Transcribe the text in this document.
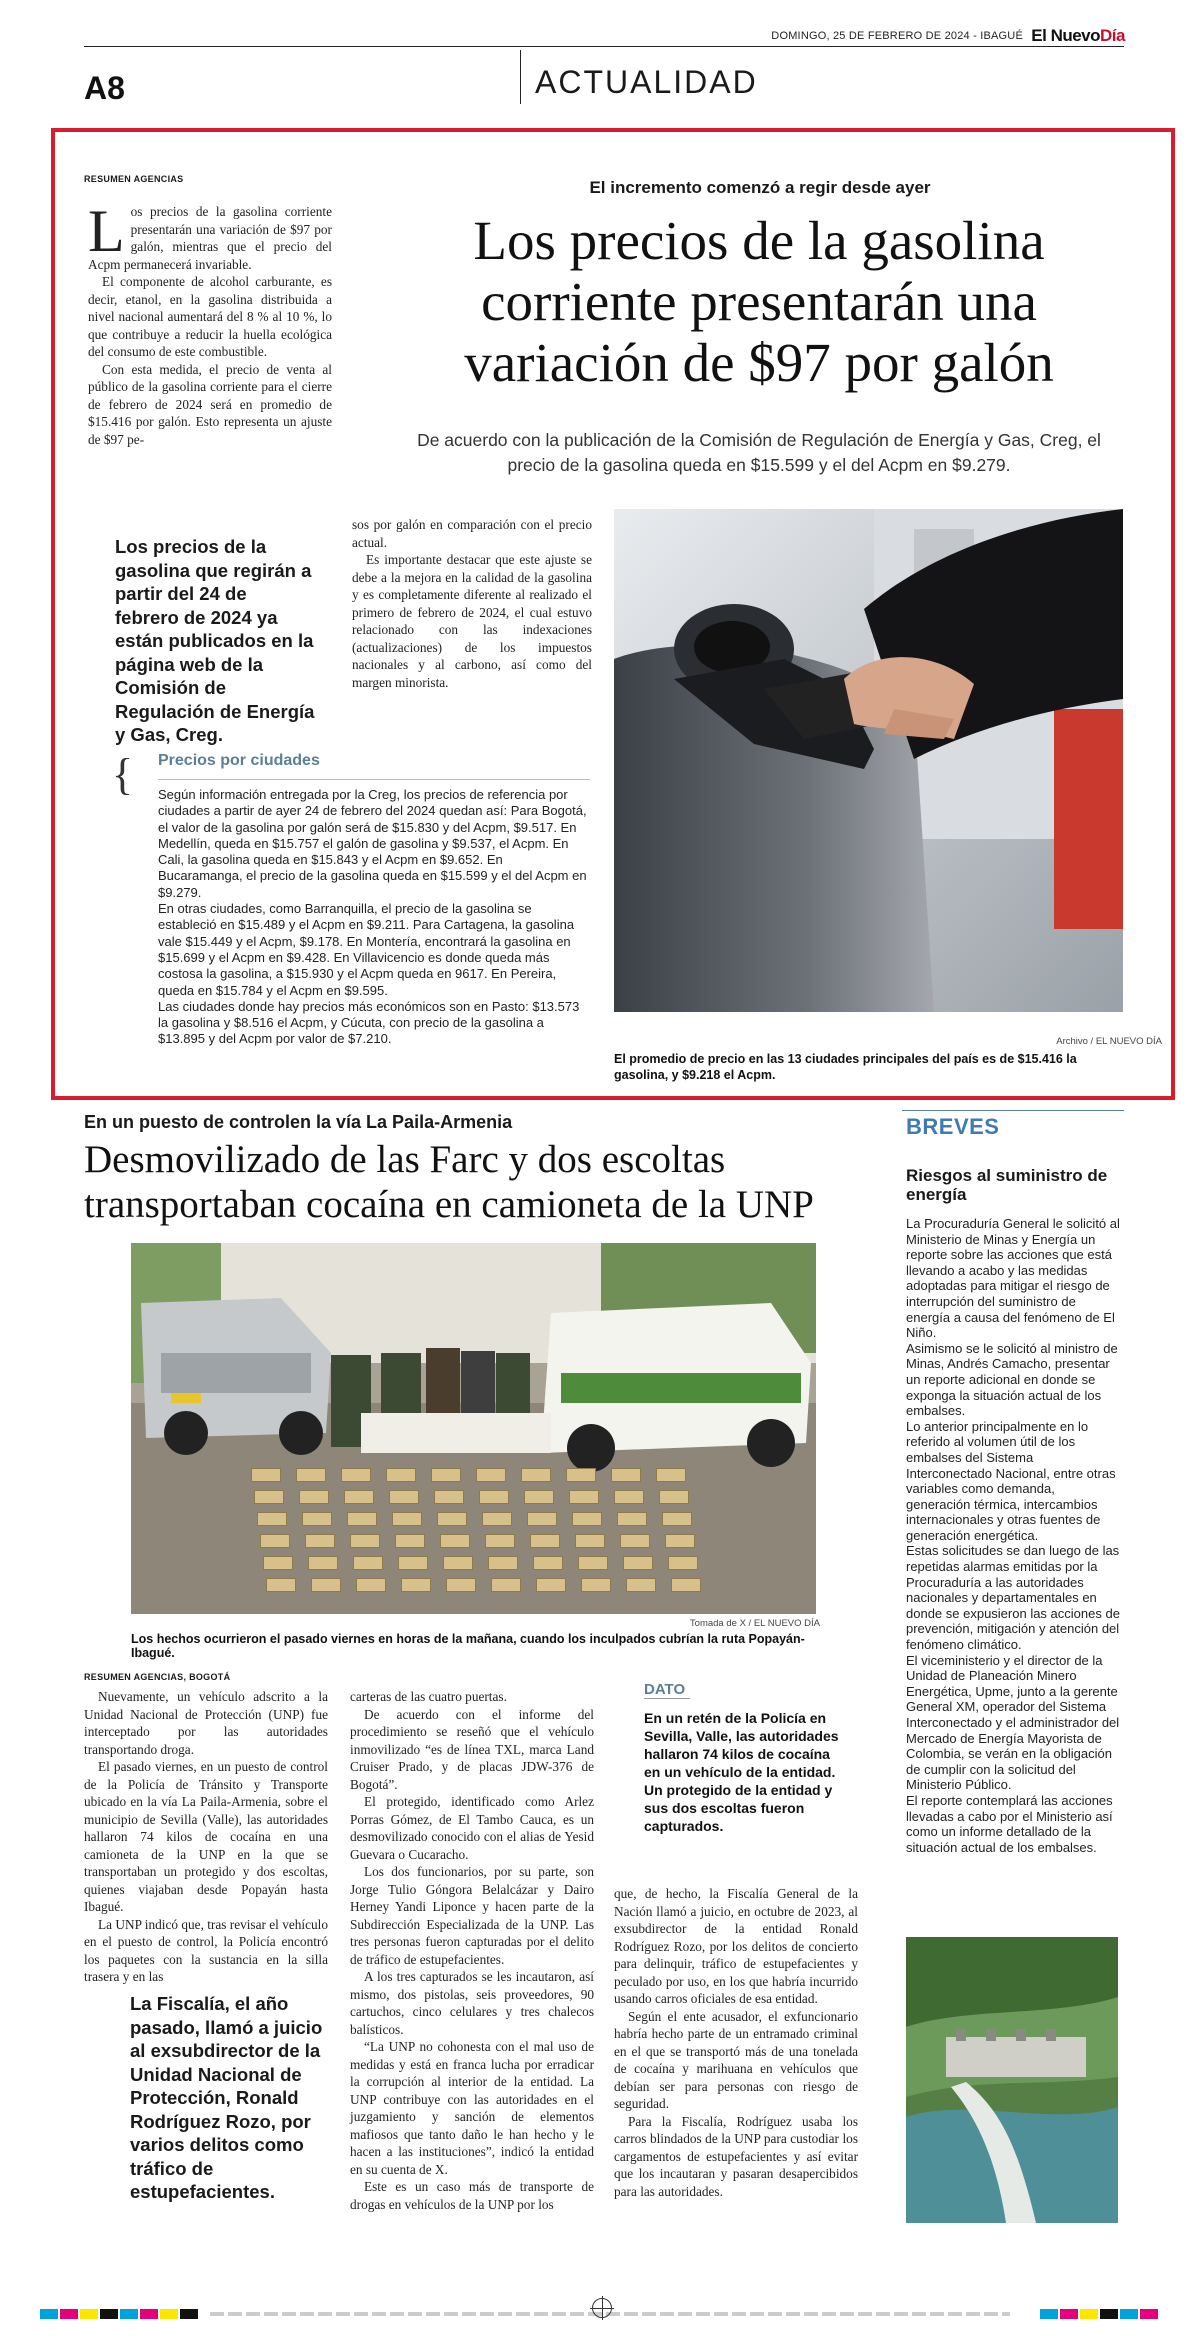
DOMINGO, 25 DE FEBRERO DE 2024 - IBAGUÉ El NuevoDía
A8	ACTUALIDAD
RESUMEN AGENCIAS	El incremento comenzó a regir desde ayer
Los precios de la gasolina corriente presentarán una variación de $97 por galón
De acuerdo con la publicación de la Comisión de Regulación de Energía y Gas, Creg, el precio de la gasolina queda en $15.599 y el del Acpm en $9.279.

Los precios de la gasolina corriente presentarán una variación de $97 por galón, mientras que el precio del Acpm permanecerá invariable.

El componente de alcohol carburante, es decir, etanol, en la gasolina distribuida a nivel nacional aumentará del 8 % al 10 %, lo que contribuye a reducir la huella ecológica del consumo de este combustible.

Con esta medida, el precio de venta al público de la gasolina corriente para el cierre de febrero de 2024 será en promedio de $15.416 por galón. Esto representa un ajuste de $97 pe-

Los precios de la gasolina que regirán a partir del 24 de febrero de 2024 ya están publicados en la página web de la Comisión de Regulación de Energía y Gas, Creg.

sos por galón en comparación con el precio actual.

Es importante destacar que este ajuste se debe a la mejora en la calidad de la gasolina y es completamente diferente al realizado el primero de febrero de 2024, el cual estuvo relacionado con las indexaciones (actualizaciones) de los impuestos nacionales y al carbono, así como del margen minorista.

{ Precios por ciudades

Según información entregada por la Creg, los precios de referencia por ciudades a partir de ayer 24 de febrero del 2024 quedan así: Para Bogotá, el valor de la gasolina por galón será de $15.830 y del Acpm, $9.517. En Medellín, queda en $15.757 el galón de gasolina y $9.537, el Acpm. En Cali, la gasolina queda en $15.843 y el Acpm en $9.652. En Bucaramanga, el precio de la gasolina queda en $15.599 y el del Acpm en $9.279.

En otras ciudades, como Barranquilla, el precio de la gasolina se estableció en $15.489 y el Acpm en $9.211. Para Cartagena, la gasolina vale $15.449 y el Acpm, $9.178. En Montería, encontrará la gasolina en $15.699 y el Acpm en $9.428. En Villavicencio es donde queda más costosa la gasolina, a $15.930 y el Acpm queda en 9617. En Pereira, queda en $15.784 y el Acpm en $9.595.

Las ciudades donde hay precios más económicos son en Pasto: $13.573 la gasolina y $8.516 el Acpm, y Cúcuta, con precio de la gasolina a $13.895 y del Acpm por valor de $7.210.	Archivo / EL NUEVO DÍA
El promedio de precio en las 13 ciudades principales del país es de $15.416 la gasolina, y $9.218 el Acpm.
En un puesto de controlen la vía La Paila-Armenia
Desmovilizado de las Farc y dos escoltas transportaban cocaína en camioneta de la UNP
Tomada de X / EL NUEVO DÍA
Los hechos ocurrieron el pasado viernes en horas de la mañana, cuando los inculpados cubrían la ruta Popayán-Ibagué.
RESUMEN AGENCIAS, BOGOTÁ

Nuevamente, un vehículo adscrito a la Unidad Nacional de Protección (UNP) fue interceptado por las autoridades transportando droga.

El pasado viernes, en un puesto de control de la Policía de Tránsito y Transporte ubicado en la vía La Paila-Armenia, sobre el municipio de Sevilla (Valle), las autoridades hallaron 74 kilos de cocaína en una camioneta de la UNP en la que se transportaban un protegido y dos escoltas, quienes viajaban desde Popayán hasta Ibagué.

La UNP indicó que, tras revisar el vehículo en el puesto de control, la Policía encontró los paquetes con la sustancia en la silla trasera y en las

La Fiscalía, el año pasado, llamó a juicio al exsubdirector de la Unidad Nacional de Protección, Ronald Rodríguez Rozo, por varios delitos como tráfico de estupefacientes.

carteras de las cuatro puertas.

De acuerdo con el informe del procedimiento se reseñó que el vehículo inmovilizado “es de línea TXL, marca Land Cruiser Prado, y de placas JDW-376 de Bogotá”.

El protegido, identificado como Arlez Porras Gómez, de El Tambo Cauca, es un desmovilizado conocido con el alias de Yesid Guevara o Cucaracho.

Los dos funcionarios, por su parte, son Jorge Tulio Góngora Belalcázar y Dairo Herney Yandi Liponce y hacen parte de la Subdirección Especializada de la UNP. Las tres personas fueron capturadas por el delito de tráfico de estupefacientes.

A los tres capturados se les incautaron, así mismo, dos pistolas, seis proveedores, 90 cartuchos, cinco celulares y tres chalecos balísticos.

“La UNP no cohonesta con el mal uso de medidas y está en franca lucha por erradicar la corrupción al interior de la entidad. La UNP contribuye con las autoridades en el juzgamiento y sanción de elementos mafiosos que tanto daño le han hecho y le hacen a las instituciones”, indicó la entidad en su cuenta de X.

Este es un caso más de transporte de drogas en vehículos de la UNP por los

DATO
En un retén de la Policía en Sevilla, Valle, las autoridades hallaron 74 kilos de cocaína en un vehículo de la entidad. Un protegido de la entidad y sus dos escoltas fueron capturados.

que, de hecho, la Fiscalía General de la Nación llamó a juicio, en octubre de 2023, al exsubdirector de la entidad Ronald Rodríguez Rozo, por los delitos de concierto para delinquir, tráfico de estupefacientes y peculado por uso, en los que habría incurrido usando carros oficiales de esa entidad.

Según el ente acusador, el exfuncionario habría hecho parte de un entramado criminal en el que se transportó más de una tonelada de cocaína y marihuana en vehículos que debían ser para personas con riesgo de seguridad.

Para la Fiscalía, Rodríguez usaba los carros blindados de la UNP para custodiar los cargamentos de estupefacientes y así evitar que los incautaran y pasaran desapercibidos para las autoridades.

BREVES
Riesgos al suministro de energía

La Procuraduría General le solicitó al Ministerio de Minas y Energía un reporte sobre las acciones que está llevando a acabo y las medidas adoptadas para mitigar el riesgo de interrupción del suministro de energía a causa del fenómeno de El Niño.

Asimismo se le solicitó al ministro de Minas, Andrés Camacho, presentar un reporte adicional en donde se exponga la situación actual de los embalses.

Lo anterior principalmente en lo referido al volumen útil de los embalses del Sistema Interconectado Nacional, entre otras variables como demanda, generación térmica, intercambios internacionales y otras fuentes de generación energética.

Estas solicitudes se dan luego de las repetidas alarmas emitidas por la Procuraduría a las autoridades nacionales y departamentales en donde se expusieron las acciones de prevención, mitigación y atención del fenómeno climático.

El viceministerio y el director de la Unidad de Planeación Minero Energética, Upme, junto a la gerente General XM, operador del Sistema Interconectado y el administrador del Mercado de Energía Mayorista de Colombia, se verán en la obligación de cumplir con la solicitud del Ministerio Público.

El reporte contemplará las acciones llevadas a cabo por el Ministerio así como un informe detallado de la situación actual de los embalses.
